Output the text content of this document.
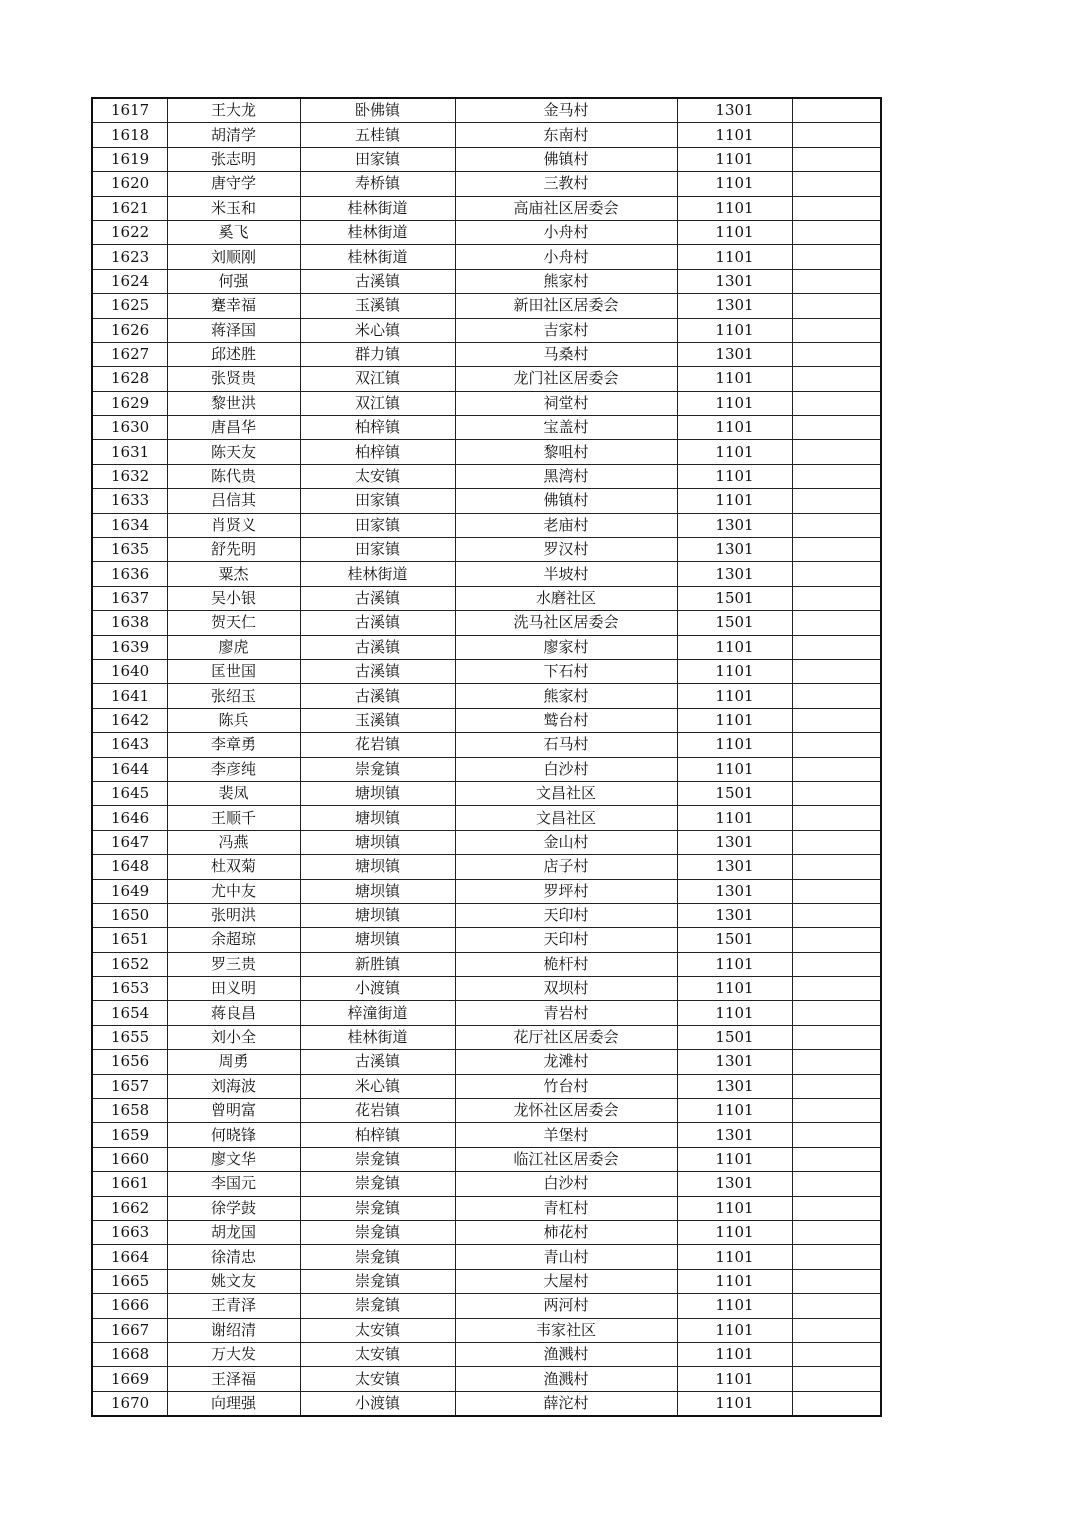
1617	王大龙	卧佛镇	金马村	1301	
1618	胡清学	五桂镇	东南村	1101	
1619	张志明	田家镇	佛镇村	1101	
1620	唐守学	寿桥镇	三教村	1101	
1621	米玉和	桂林街道	高庙社区居委会	1101	
1622	奚飞	桂林街道	小舟村	1101	
1623	刘顺刚	桂林街道	小舟村	1101	
1624	何强	古溪镇	熊家村	1301	
1625	蹇幸福	玉溪镇	新田社区居委会	1301	
1626	蒋泽国	米心镇	吉家村	1101	
1627	邱述胜	群力镇	马桑村	1301	
1628	张贤贵	双江镇	龙门社区居委会	1101	
1629	黎世洪	双江镇	祠堂村	1101	
1630	唐昌华	柏梓镇	宝盖村	1101	
1631	陈天友	柏梓镇	黎咀村	1101	
1632	陈代贵	太安镇	黑湾村	1101	
1633	吕信其	田家镇	佛镇村	1101	
1634	肖贤义	田家镇	老庙村	1301	
1635	舒先明	田家镇	罗汉村	1301	
1636	粟杰	桂林街道	半坡村	1301	
1637	吴小银	古溪镇	水磨社区	1501	
1638	贺天仁	古溪镇	洗马社区居委会	1501	
1639	廖虎	古溪镇	廖家村	1101	
1640	匡世国	古溪镇	下石村	1101	
1641	张绍玉	古溪镇	熊家村	1101	
1642	陈兵	玉溪镇	鹫台村	1101	
1643	李章勇	花岩镇	石马村	1101	
1644	李彦纯	崇龛镇	白沙村	1101	
1645	裴凤	塘坝镇	文昌社区	1501	
1646	王顺千	塘坝镇	文昌社区	1101	
1647	冯燕	塘坝镇	金山村	1301	
1648	杜双菊	塘坝镇	店子村	1301	
1649	尤中友	塘坝镇	罗坪村	1301	
1650	张明洪	塘坝镇	天印村	1301	
1651	余超琼	塘坝镇	天印村	1501	
1652	罗三贵	新胜镇	桅杆村	1101	
1653	田义明	小渡镇	双坝村	1101	
1654	蒋良昌	梓潼街道	青岩村	1101	
1655	刘小全	桂林街道	花厅社区居委会	1501	
1656	周勇	古溪镇	龙滩村	1301	
1657	刘海波	米心镇	竹台村	1301	
1658	曾明富	花岩镇	龙怀社区居委会	1101	
1659	何晓锋	柏梓镇	羊堡村	1301	
1660	廖文华	崇龛镇	临江社区居委会	1101	
1661	李国元	崇龛镇	白沙村	1301	
1662	徐学鼓	崇龛镇	青杠村	1101	
1663	胡龙国	崇龛镇	柿花村	1101	
1664	徐清忠	崇龛镇	青山村	1101	
1665	姚文友	崇龛镇	大屋村	1101	
1666	王青泽	崇龛镇	两河村	1101	
1667	谢绍清	太安镇	韦家社区	1101	
1668	万大发	太安镇	渔溅村	1101	
1669	王泽福	太安镇	渔溅村	1101	
1670	向理强	小渡镇	薛沱村	1101	
